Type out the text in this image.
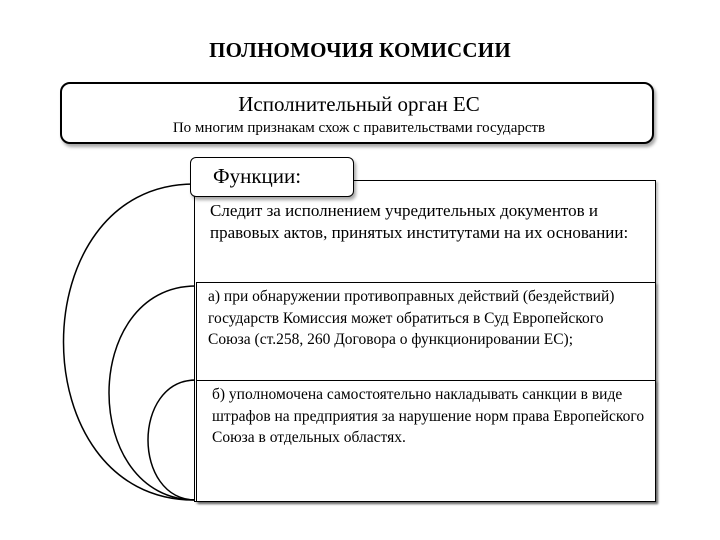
ПОЛНОМОЧИЯ КОМИССИИ
Исполнительный орган ЕС
По многим признакам схож с правительствами государств
Функции:
Следит за исполнением учредительных документов и правовых актов, принятых институтами на их основании:
а) при обнаружении противоправных действий (бездействий) государств Комиссия может обратиться в Суд Европейского Союза (ст.258, 260 Договора о функционировании ЕС);
б) уполномочена самостоятельно накладывать санкции в виде штрафов на предприятия за нарушение норм права Европейского Союза в отдельных областях.
